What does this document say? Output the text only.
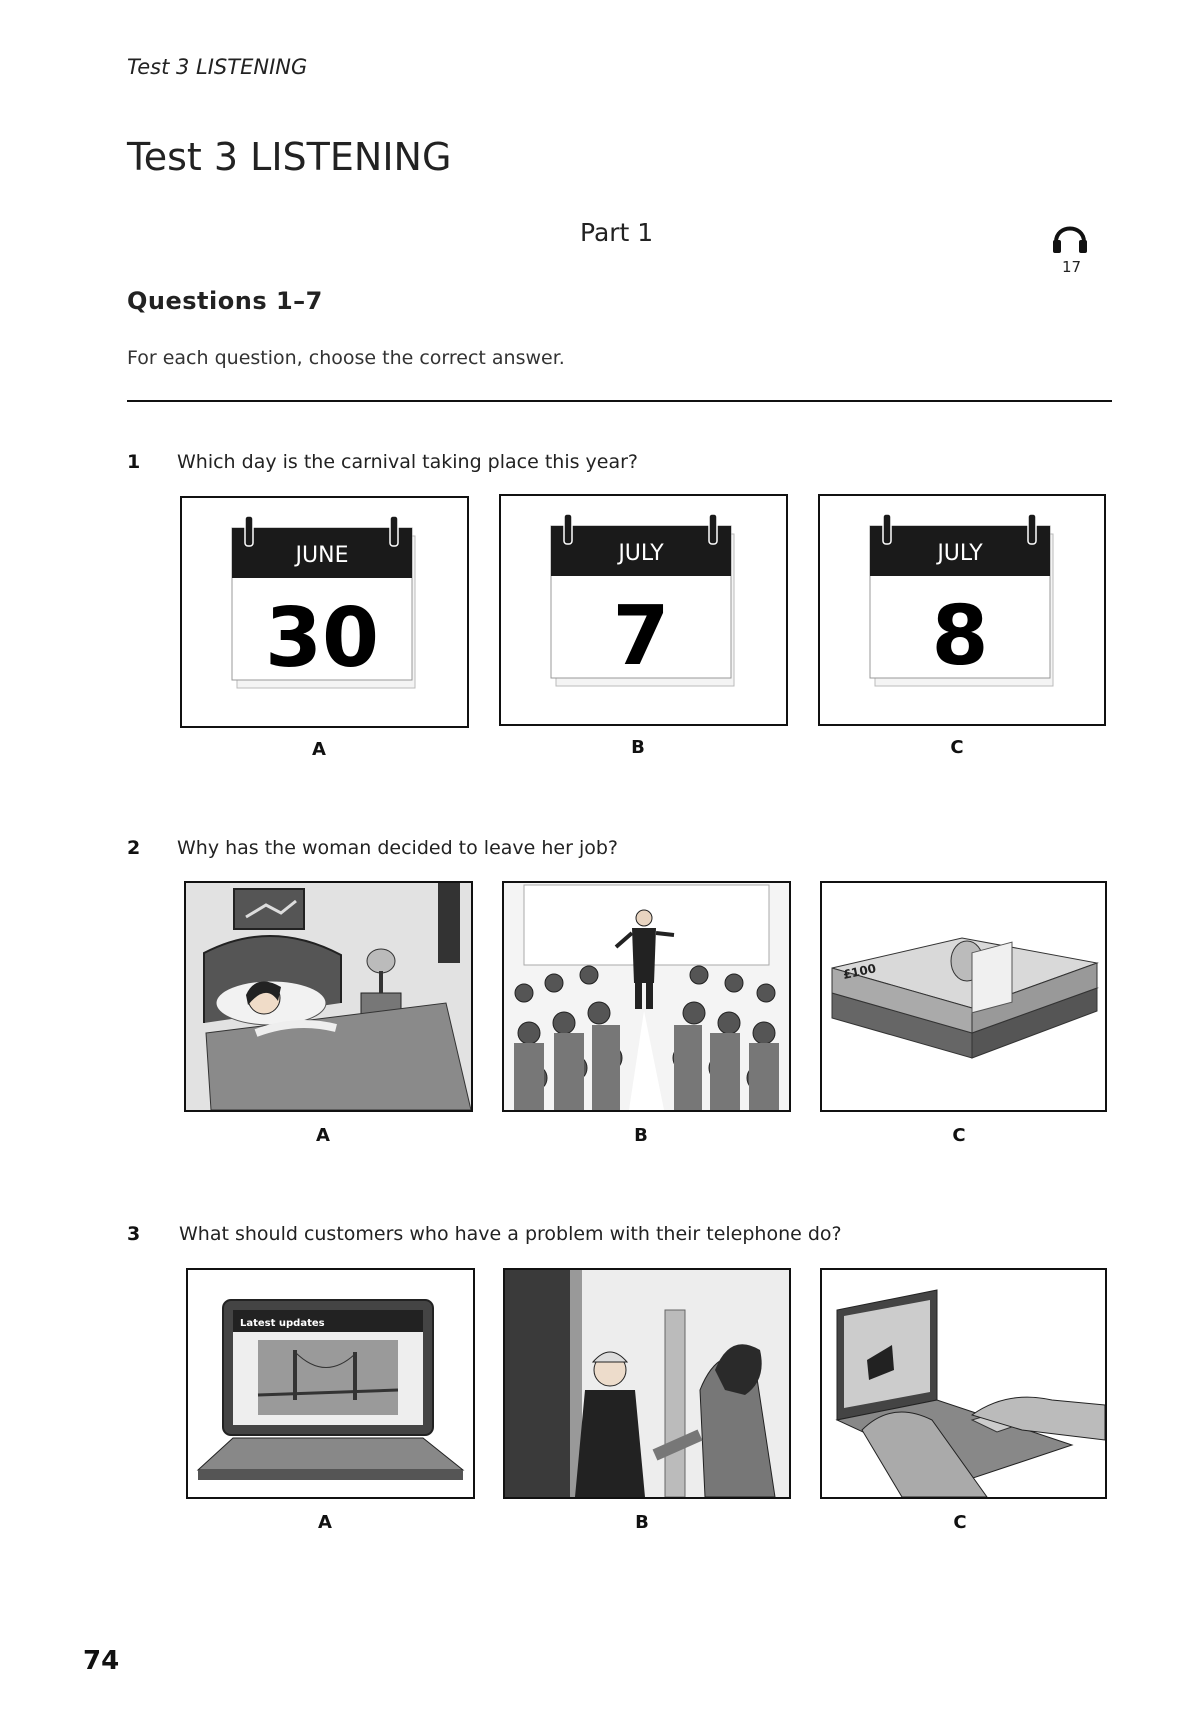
Test 3 LISTENING
Test 3 LISTENING
Part 1
17
Questions 1–7
For each question, choose the correct answer.
1 Which day is the carnival taking place this year?
JUNE
30
JULY
7
JULY
8
A	B	C
2 Why has the woman decided to leave her job?
£100
A	B	C
3 What should customers who have a problem with their telephone do?
Latest updates
A	B	C
74
